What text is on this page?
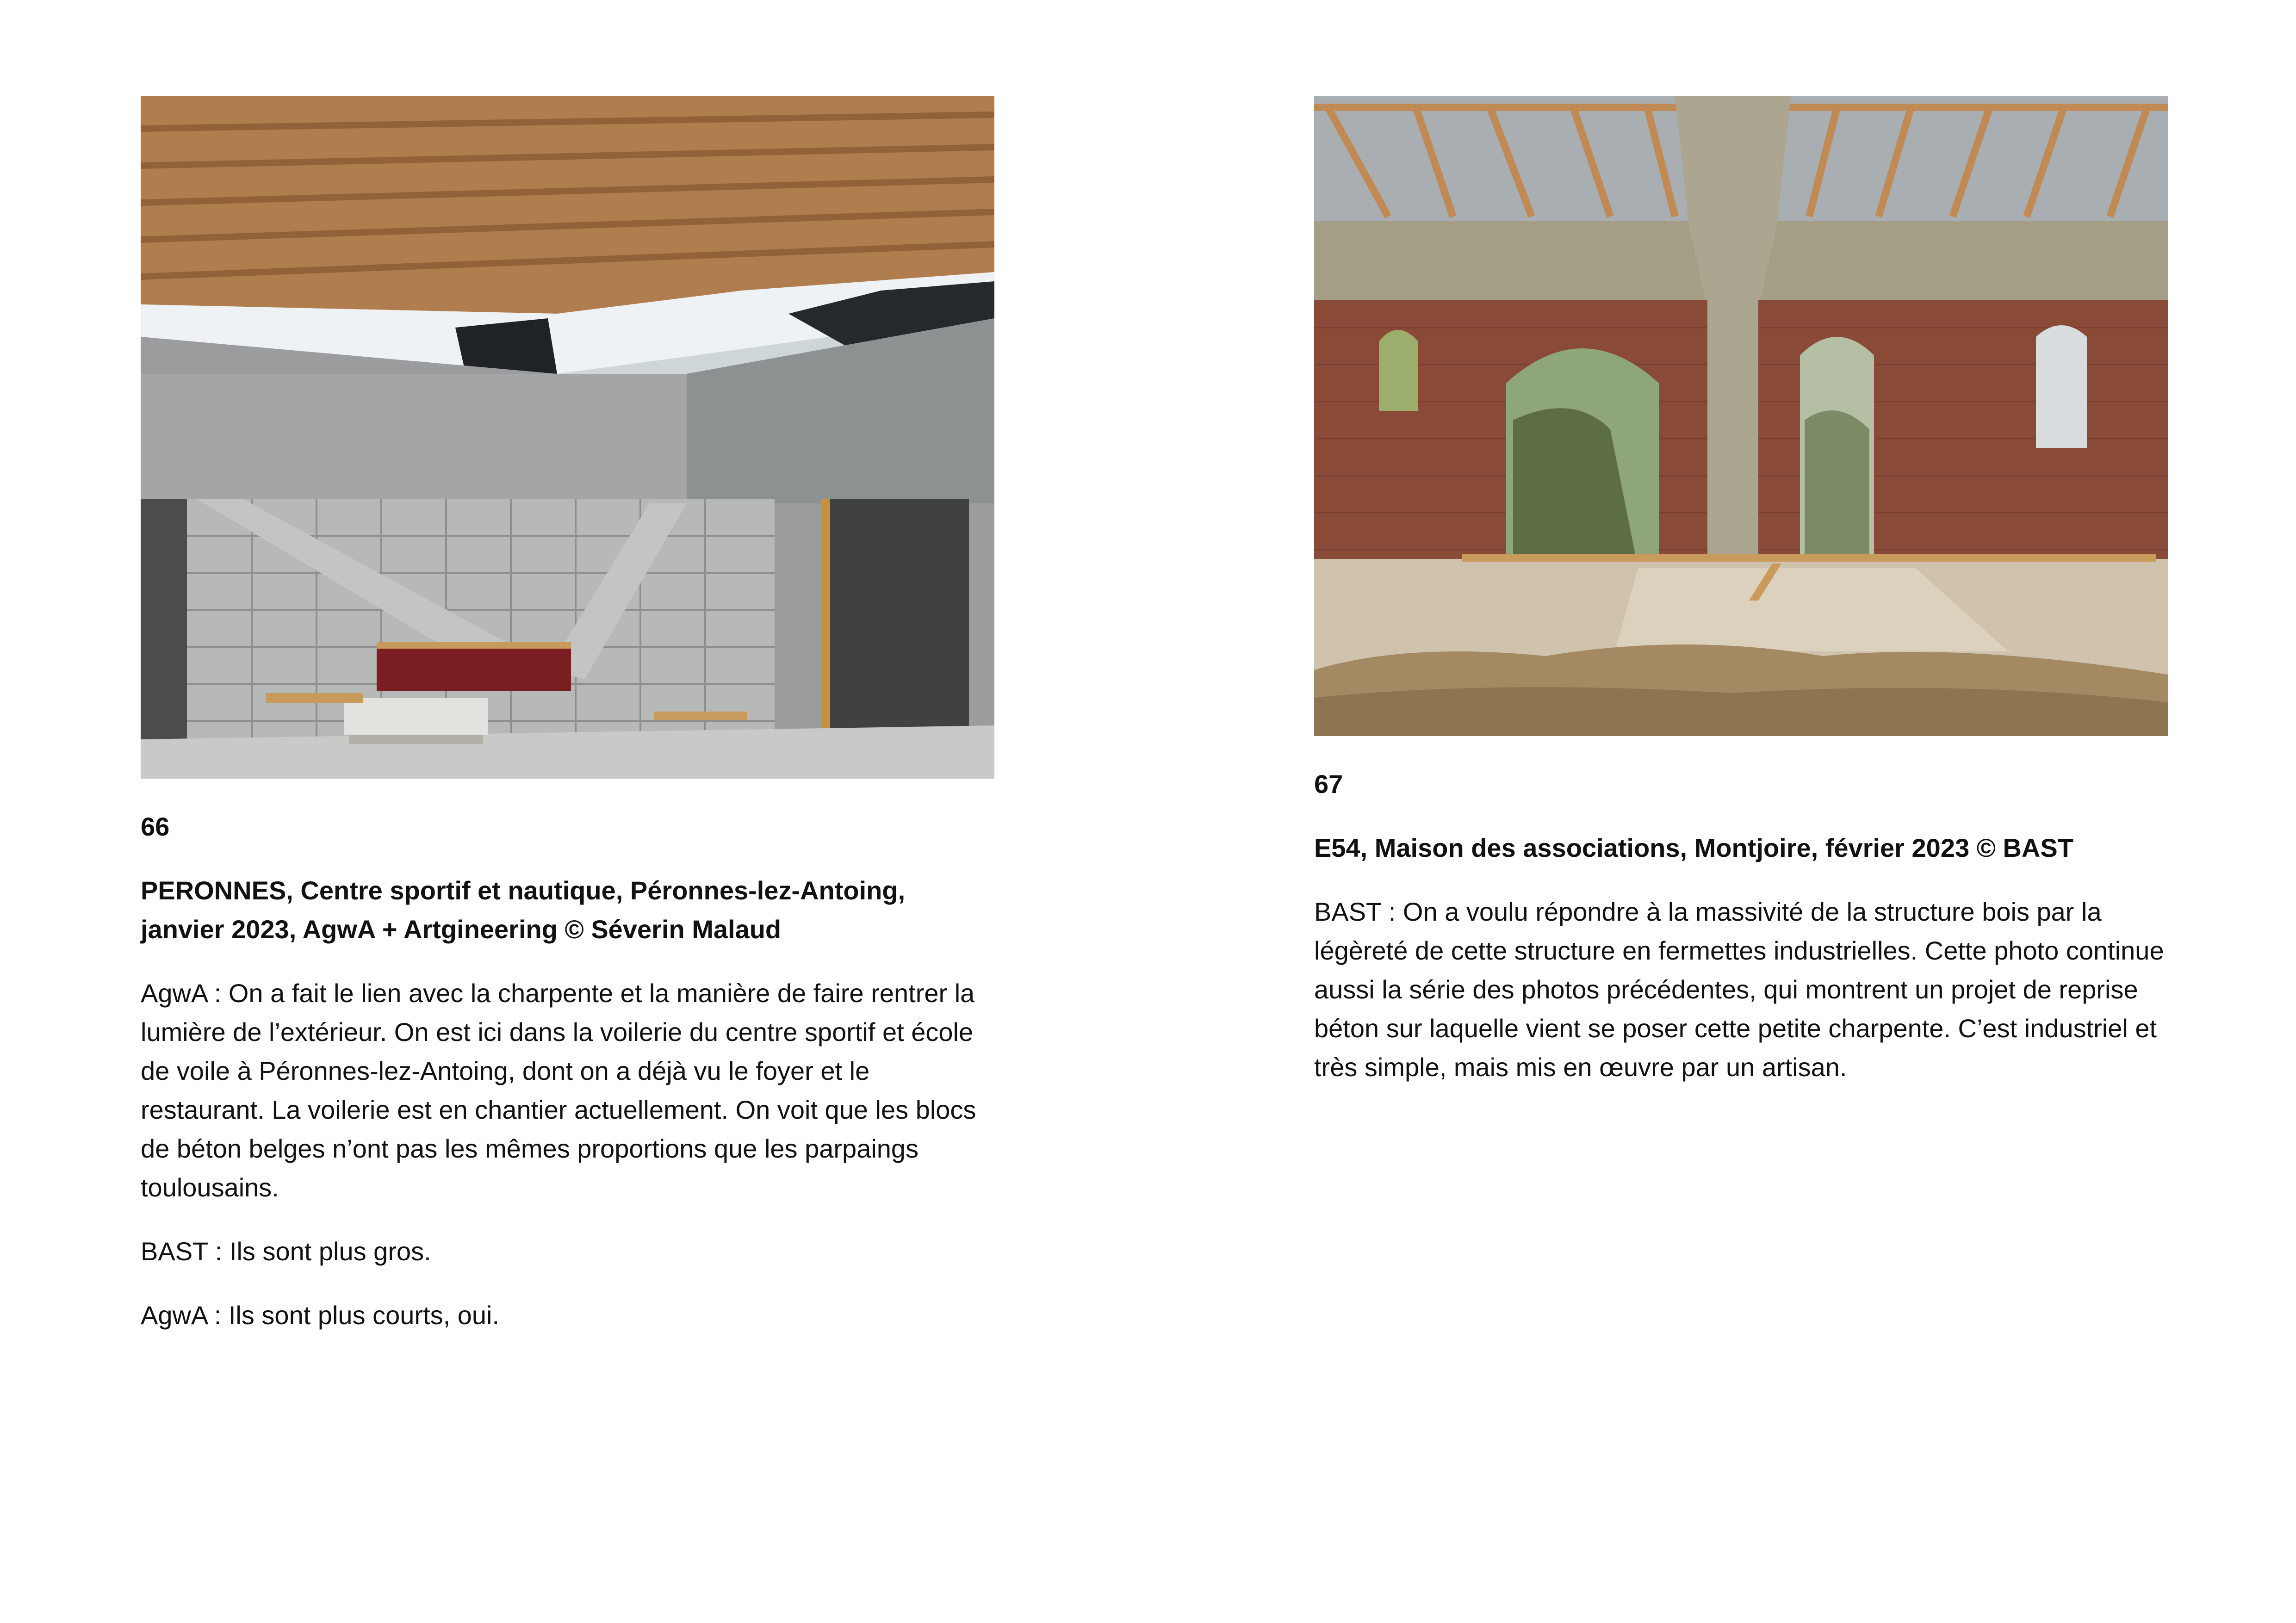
66

PERONNES, Centre sportif et nautique, Péronnes-lez-Antoing, janvier 2023, AgwA + Artgineering © Séverin Malaud

AgwA : On a fait le lien avec la charpente et la manière de faire rentrer la lumière de l’extérieur. On est ici dans la voilerie du centre sportif et école de voile à Péronnes-lez-Antoing, dont on a déjà vu le foyer et le restaurant. La voilerie est en chantier actuellement. On voit que les blocs de béton belges n’ont pas les mêmes proportions que les parpaings toulousains.

BAST : Ils sont plus gros.

AgwA : Ils sont plus courts, oui.

67

E54, Maison des associations, Montjoire, février 2023 © BAST

BAST : On a voulu répondre à la massivité de la structure bois par la légèreté de cette structure en fermettes industrielles. Cette photo continue aussi la série des photos précédentes, qui montrent un projet de reprise béton sur laquelle vient se poser cette petite charpente. C’est industriel et très simple, mais mis en œuvre par un artisan.
